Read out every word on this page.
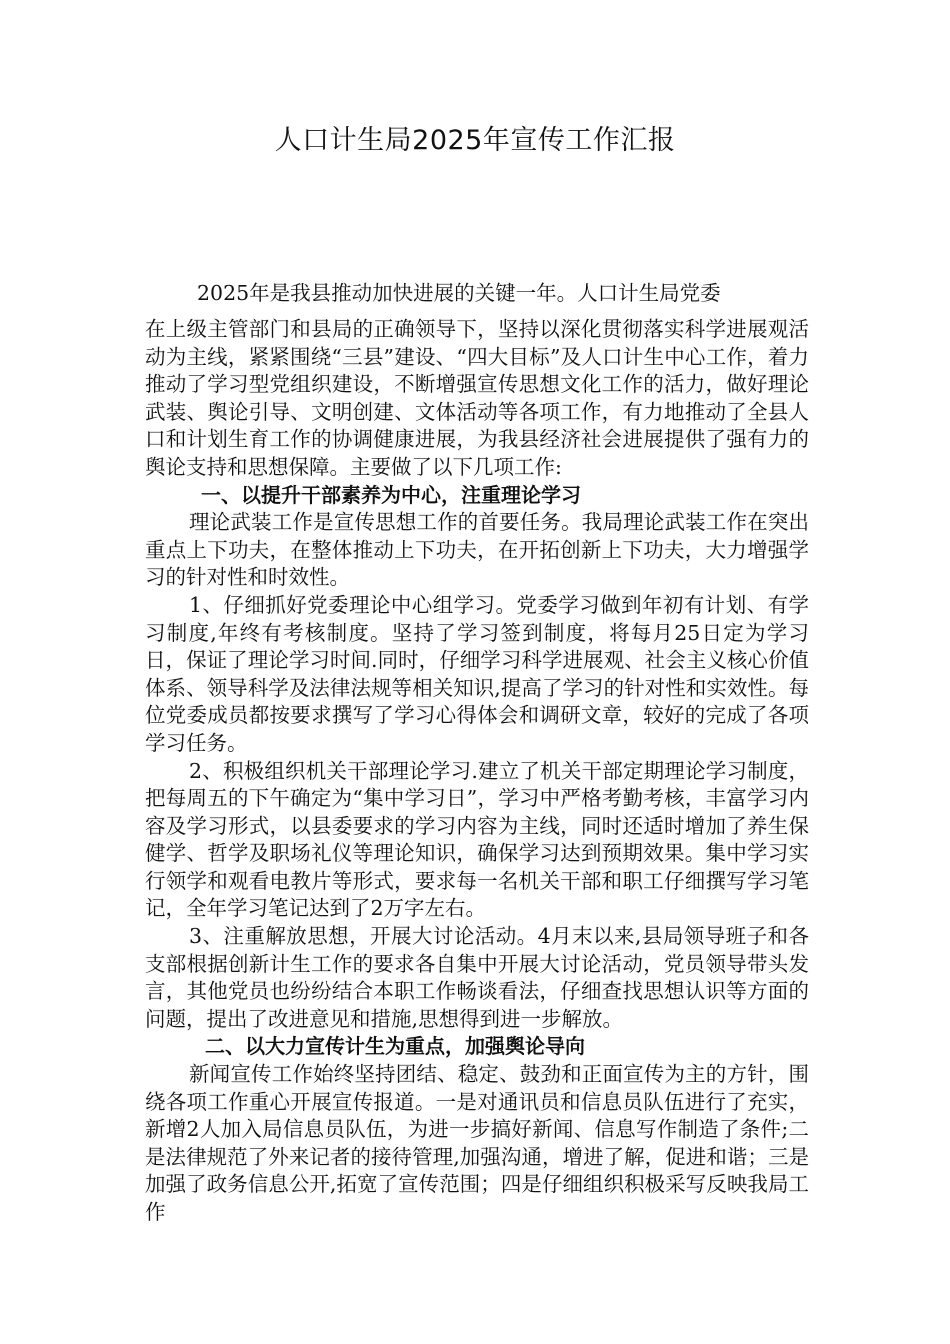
人口计生局2025年宣传工作汇报

2025年是我县推动加快进展的关键一年。人口计生局党委

在上级主管部门和县局的正确领导下，坚持以深化贯彻落实科学进展观活动为主线，紧紧围绕“三县”建设、“四大目标”及人口计生中心工作，着力推动了学习型党组织建设，不断增强宣传思想文化工作的活力，做好理论武装、舆论引导、文明创建、文体活动等各项工作，有力地推动了全县人口和计划生育工作的协调健康进展，为我县经济社会进展提供了强有力的舆论支持和思想保障。主要做了以下几项工作:

一、以提升干部素养为中心，注重理论学习

理论武装工作是宣传思想工作的首要任务。我局理论武装工作在突出重点上下功夫，在整体推动上下功夫，在开拓创新上下功夫，大力增强学习的针对性和时效性。

1、仔细抓好党委理论中心组学习。党委学习做到年初有计划、有学习制度,年终有考核制度。坚持了学习签到制度，将每月25日定为学习日，保证了理论学习时间.同时，仔细学习科学进展观、社会主义核心价值体系、领导科学及法律法规等相关知识,提高了学习的针对性和实效性。每位党委成员都按要求撰写了学习心得体会和调研文章，较好的完成了各项学习任务。

2、积极组织机关干部理论学习.建立了机关干部定期理论学习制度，把每周五的下午确定为“集中学习日”，学习中严格考勤考核，丰富学习内容及学习形式，以县委要求的学习内容为主线，同时还适时增加了养生保健学、哲学及职场礼仪等理论知识，确保学习达到预期效果。集中学习实行领学和观看电教片等形式，要求每一名机关干部和职工仔细撰写学习笔记，全年学习笔记达到了2万字左右。

3、注重解放思想，开展大讨论活动。4月末以来,县局领导班子和各支部根据创新计生工作的要求各自集中开展大讨论活动，党员领导带头发言，其他党员也纷纷结合本职工作畅谈看法，仔细查找思想认识等方面的问题，提出了改进意见和措施,思想得到进一步解放。

二、以大力宣传计生为重点，加强舆论导向

新闻宣传工作始终坚持团结、稳定、鼓劲和正面宣传为主的方针，围绕各项工作重心开展宣传报道。一是对通讯员和信息员队伍进行了充实，新增2人加入局信息员队伍，为进一步搞好新闻、信息写作制造了条件;二是法律规范了外来记者的接待管理,加强沟通，增进了解，促进和谐；三是加强了政务信息公开,拓宽了宣传范围；四是仔细组织积极采写反映我局工作
